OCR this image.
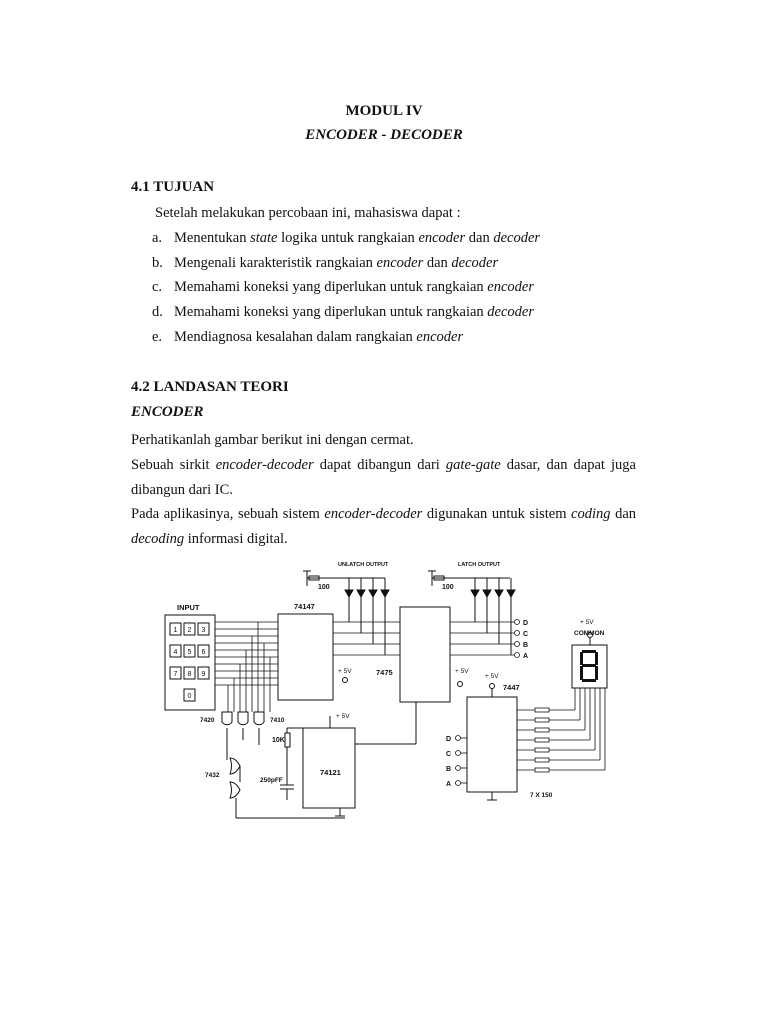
MODUL IV
ENCODER - DECODER
4.1 TUJUAN
Setelah melakukan percobaan ini, mahasiswa dapat :
a. Menentukan state logika untuk rangkaian encoder dan decoder
b. Mengenali karakteristik rangkaian encoder dan decoder
c. Memahami koneksi yang diperlukan untuk rangkaian encoder
d. Memahami koneksi yang diperlukan untuk rangkaian decoder
e. Mendiagnosa kesalahan dalam rangkaian encoder
4.2 LANDASAN TEORI
ENCODER
Perhatikanlah gambar berikut ini dengan cermat.
Sebuah sirkit encoder-decoder dapat dibangun dari gate-gate dasar, dan dapat juga dibangun dari IC.
Pada aplikasinya, sebuah sistem encoder-decoder digunakan untuk sistem coding dan decoding informasi digital.
INPUT
1 2 3
4 5 6
7 8 9
0
74147
7420	7410
7432
10K
250pFF
+ 5V
74121
+ 5V
UNLATCH OUTPUT
100
7475	+ 5V
LATCH OUTPUT
100
D
C
B
A
+ 5V
7447
D
C
B
A
7 X 150
+ 5V
COMMON
